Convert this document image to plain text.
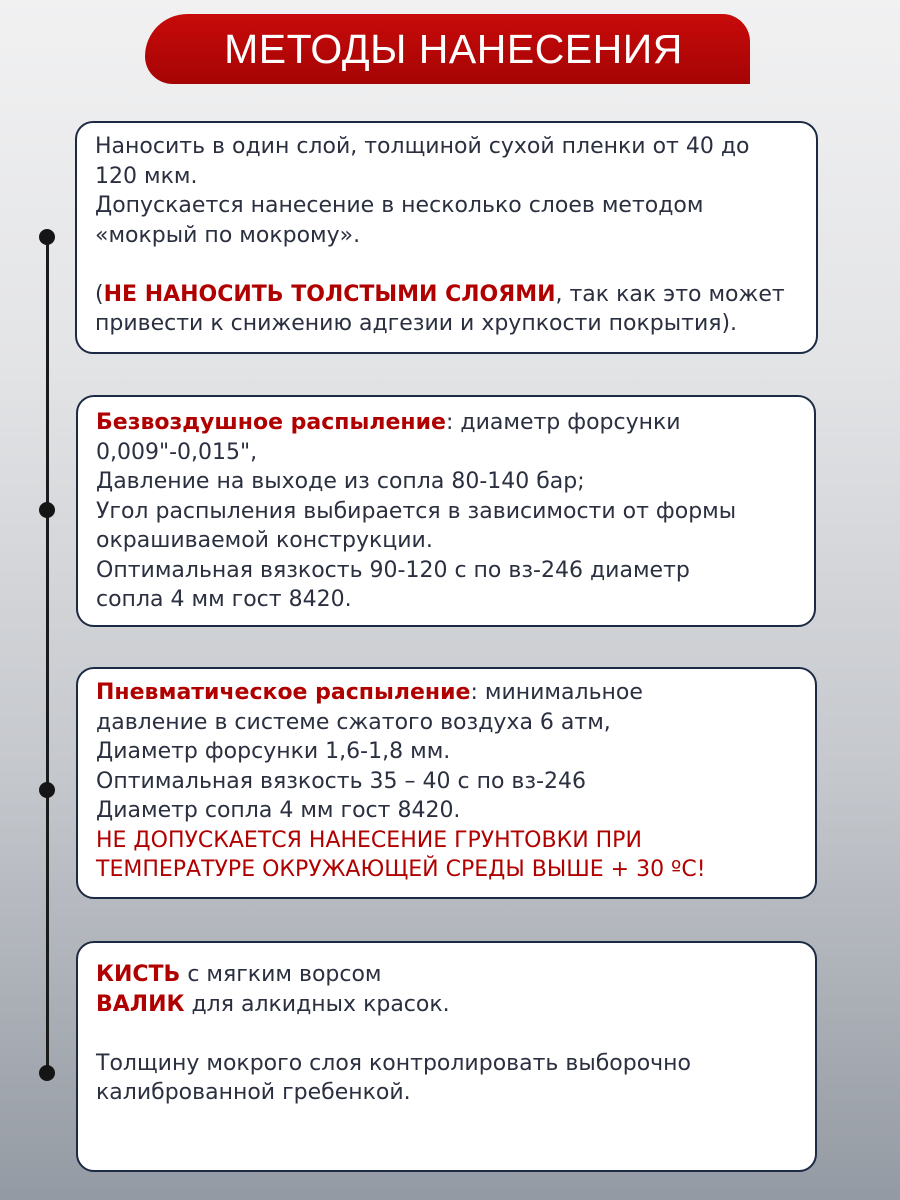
МЕТОДЫ НАНЕСЕНИЯ
Наносить в один слой, толщиной сухой пленки от 40 до
120 мкм.
Допускается нанесение в несколько слоев методом
«мокрый по мокрому».
(НЕ НАНОСИТЬ ТОЛСТЫМИ СЛОЯМИ, так как это может
привести к снижению адгезии и хрупкости покрытия).
Безвоздушное распыление: диаметр форсунки
0,009"-0,015",
Давление на выходе из сопла 80-140 бар;
Угол распыления выбирается в зависимости от формы
окрашиваемой конструкции.
Оптимальная вязкость 90-120 с по вз-246 диаметр
сопла 4 мм гост 8420.
Пневматическое распыление: минимальное
давление в системе сжатого воздуха 6 атм,
Диаметр форсунки 1,6-1,8 мм.
Оптимальная вязкость 35 – 40 с по вз-246
Диаметр сопла 4 мм гост 8420.
НЕ ДОПУСКАЕТСЯ НАНЕСЕНИЕ ГРУНТОВКИ ПРИ
ТЕМПЕРАТУРЕ ОКРУЖАЮЩЕЙ СРЕДЫ ВЫШЕ + 30 ºС!
КИСТЬ с мягким ворсом
ВАЛИК для алкидных красок.
Толщину мокрого слоя контролировать выборочно
калиброванной гребенкой.
